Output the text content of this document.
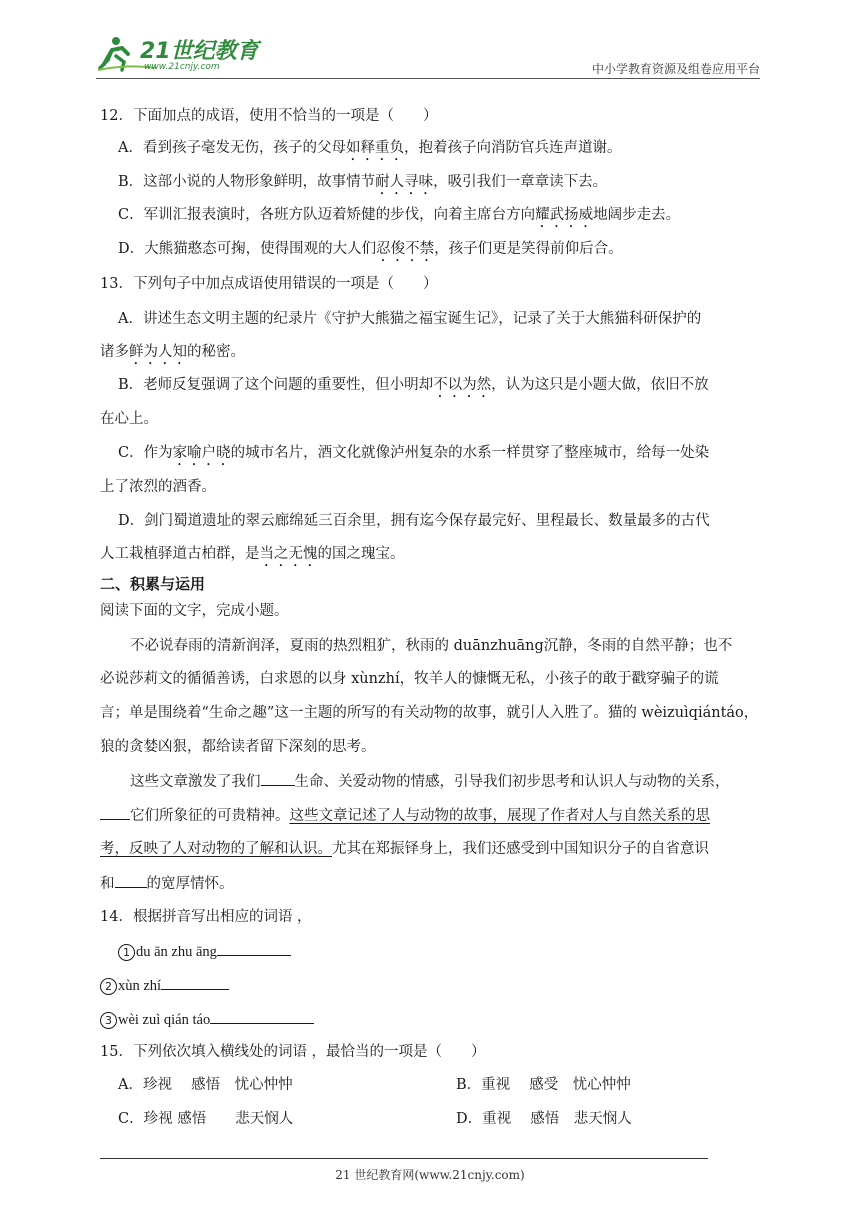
21世纪教育
www.21cnjy.com	中小学教育资源及组卷应用平台
12．下面加点的成语，使用不恰当的一项是（　　）
A．看到孩子毫发无伤，孩子的父母如释重负，抱着孩子向消防官兵连声道谢。
B．这部小说的人物形象鲜明，故事情节耐人寻味，吸引我们一章章读下去。
C．军训汇报表演时，各班方队迈着矫健的步伐，向着主席台方向耀武扬威地阔步走去。
D．大熊猫憨态可掬，使得围观的大人们忍俊不禁，孩子们更是笑得前仰后合。
13．下列句子中加点成语使用错误的一项是（　　）
A．讲述生态文明主题的纪录片《守护大熊猫之福宝诞生记》，记录了关于大熊猫科研保护的
诸多鲜为人知的秘密。
B．老师反复强调了这个问题的重要性，但小明却不以为然，认为这只是小题大做，依旧不放
在心上。
C．作为家喻户晓的城市名片，酒文化就像泸州复杂的水系一样贯穿了整座城市，给每一处染
上了浓烈的酒香。
D．剑门蜀道遗址的翠云廊绵延三百余里，拥有迄今保存最完好、里程最长、数量最多的古代
人工栽植驿道古柏群，是当之无愧的国之瑰宝。
二、积累与运用
阅读下面的文字，完成小题。
不必说春雨的清新润泽，夏雨的热烈粗犷，秋雨的 duānzhuāng沉静，冬雨的自然平静；也不
必说莎莉文的循循善诱，白求恩的以身 xùnzhí，牧羊人的慷慨无私，小孩子的敢于戳穿骗子的谎
言；单是围绕着“生命之趣”这一主题的所写的有关动物的故事，就引人入胜了。猫的 wèizuìqiántáo，
狼的贪婪凶狠，都给读者留下深刻的思考。
这些文章激发了我们 生命、关爱动物的情感，引导我们初步思考和认识人与动物的关系，
它们所象征的可贵精神。这些文章记述了人与动物的故事，展现了作者对人与自然关系的思
考，反映了人对动物的了解和认识。尤其在郑振铎身上，我们还感受到中国知识分子的自省意识
和 的宽厚情怀。
14．根据拼音写出相应的词语 ，
1 du ān zhu āng
2 xùn zhí
3 wèi zuì qián táo
15．下列依次填入横线处的词语 ，最恰当的一项是（　　）
A．珍视　 感悟　忧心忡忡	B．重视　 感受　忧心忡忡
C．珍视 感悟　　悲天悯人	D．重视　 感悟　悲天悯人
21 世纪教育网(www.21cnjy.com)
